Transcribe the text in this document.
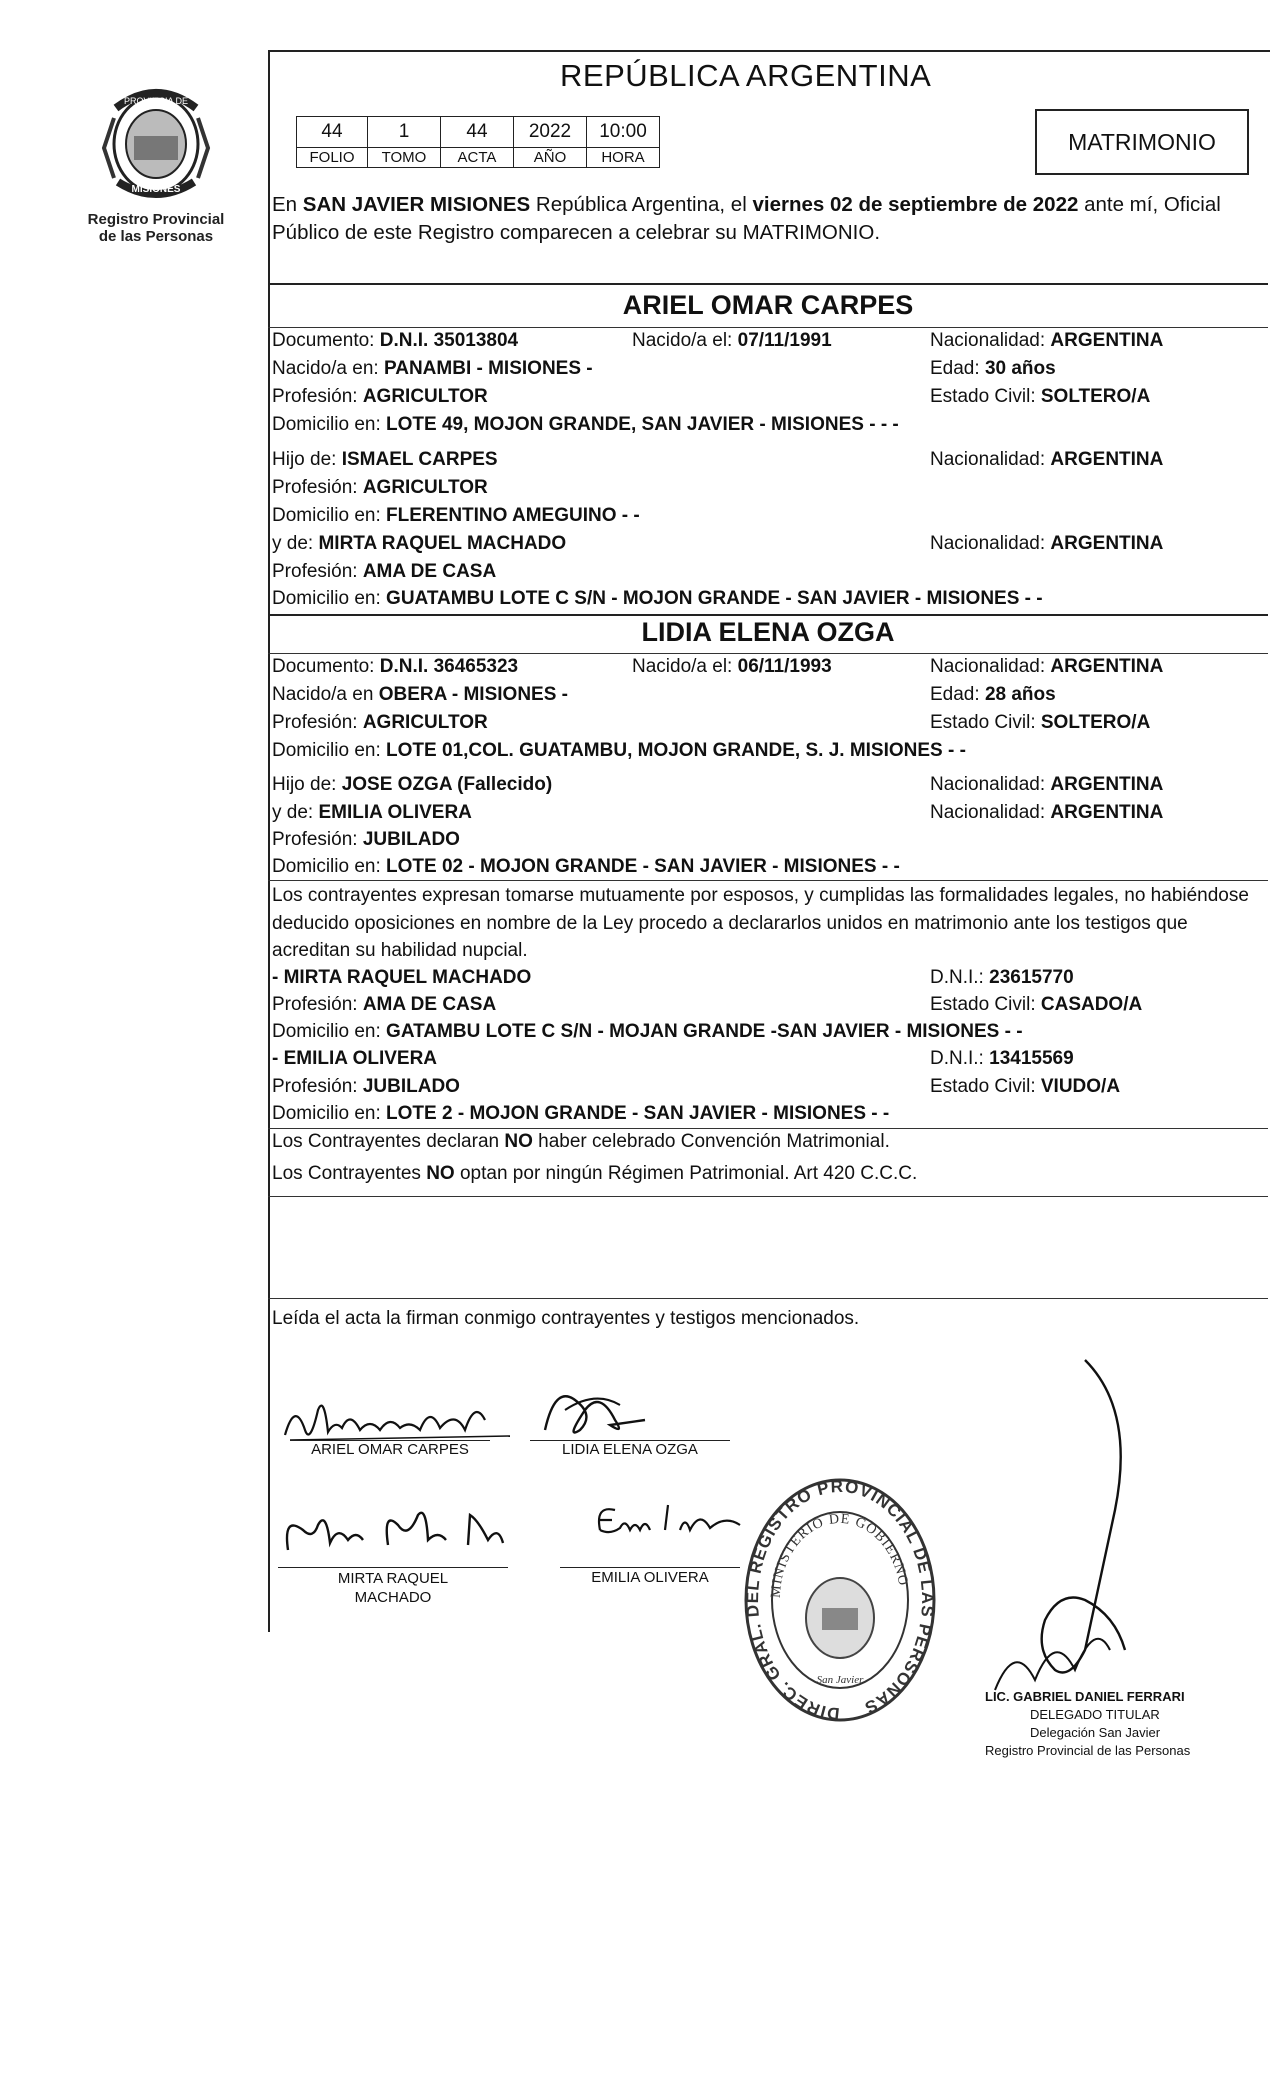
PROVINCIA DE
MISIONES
Registro Provincial
de las Personas
REPÚBLICA ARGENTINA
44	1	44	2022	10:00
FOLIO	TOMO	ACTA	AÑO	HORA
MATRIMONIO
En SAN JAVIER MISIONES República Argentina, el viernes 02 de septiembre de 2022 ante mí, Oficial Público de este Registro comparecen a celebrar su MATRIMONIO.
ARIEL OMAR CARPES
Documento: D.N.I. 35013804	Nacido/a el: 07/11/1991	Nacionalidad: ARGENTINA
Nacido/a en: PANAMBI - MISIONES -	Edad: 30 años
Profesión: AGRICULTOR	Estado Civil: SOLTERO/A
Domicilio en: LOTE 49, MOJON GRANDE, SAN JAVIER - MISIONES - - -
Hijo de: ISMAEL CARPES	Nacionalidad: ARGENTINA
Profesión: AGRICULTOR
Domicilio en: FLERENTINO AMEGUINO - -
y de: MIRTA RAQUEL MACHADO	Nacionalidad: ARGENTINA
Profesión: AMA DE CASA
Domicilio en: GUATAMBU LOTE C S/N - MOJON GRANDE - SAN JAVIER - MISIONES - -
LIDIA ELENA OZGA
Documento: D.N.I. 36465323	Nacido/a el: 06/11/1993	Nacionalidad: ARGENTINA
Nacido/a en OBERA - MISIONES -	Edad: 28 años
Profesión: AGRICULTOR	Estado Civil: SOLTERO/A
Domicilio en: LOTE 01,COL. GUATAMBU, MOJON GRANDE, S. J. MISIONES - -
Hijo de: JOSE OZGA (Fallecido)	Nacionalidad: ARGENTINA
y de: EMILIA OLIVERA	Nacionalidad: ARGENTINA
Profesión: JUBILADO
Domicilio en: LOTE 02 - MOJON GRANDE - SAN JAVIER - MISIONES - -
Los contrayentes expresan tomarse mutuamente por esposos, y cumplidas las formalidades legales, no habiéndose deducido oposiciones en nombre de la Ley procedo a declararlos unidos en matrimonio ante los testigos que acreditan su habilidad nupcial.
- MIRTA RAQUEL MACHADO	D.N.I.: 23615770
Profesión: AMA DE CASA	Estado Civil: CASADO/A
Domicilio en: GATAMBU LOTE C S/N - MOJAN GRANDE -SAN JAVIER - MISIONES - -
- EMILIA OLIVERA	D.N.I.: 13415569
Profesión: JUBILADO	Estado Civil: VIUDO/A
Domicilio en: LOTE 2 - MOJON GRANDE - SAN JAVIER - MISIONES - -
Los Contrayentes declaran NO haber celebrado Convención Matrimonial.
Los Contrayentes NO optan por ningún Régimen Patrimonial. Art 420 C.C.C.
Leída el acta la firman conmigo contrayentes y testigos mencionados.
ARIEL OMAR CARPES	LIDIA ELENA OZGA
MIRTA RAQUEL
MACHADO
EMILIA OLIVERA
DIREC. GRAL. DEL REGISTRO PROVINCIAL DE LAS PERSONAS
MINISTERIO DE GOBIERNO
San Javier
LIC. GABRIEL DANIEL FERRARI
DELEGADO TITULAR
Delegación San Javier
Registro Provincial de las Personas
